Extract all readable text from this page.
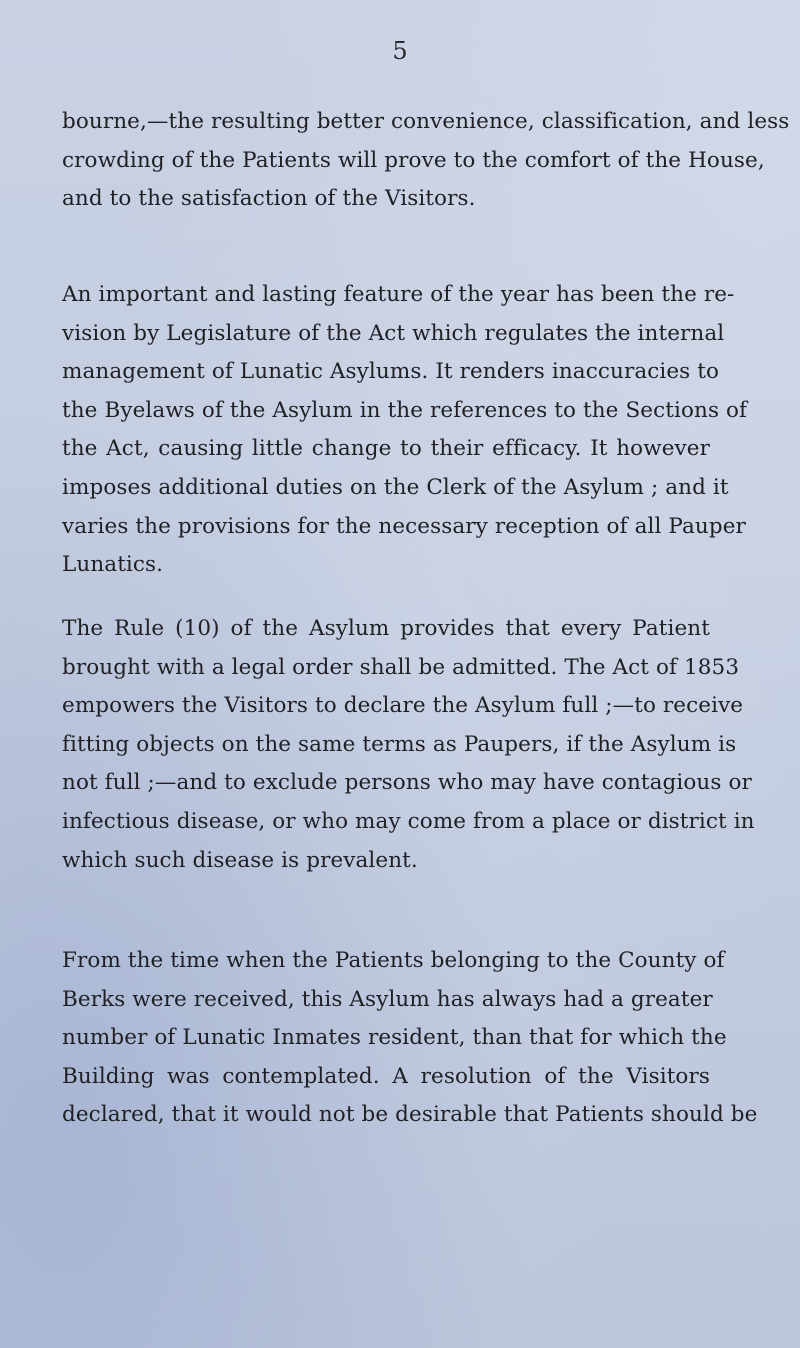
5
bourne,—the resulting better convenience, classification, and less
crowding of the Patients will prove to the comfort of the House,
and to the satisfaction of the Visitors.
An important and lasting feature of the year has been the re-
vision by Legislature of the Act which regulates the internal
management of Lunatic Asylums. It renders inaccuracies to
the Byelaws of the Asylum in the references to the Sections of
the Act, causing little change to their efficacy. It however
imposes additional duties on the Clerk of the Asylum ; and it
varies the provisions for the necessary reception of all Pauper
Lunatics.
The Rule (10) of the Asylum provides that every Patient
brought with a legal order shall be admitted. The Act of 1853
empowers the Visitors to declare the Asylum full ;—to receive
fitting objects on the same terms as Paupers, if the Asylum is
not full ;—and to exclude persons who may have contagious or
infectious disease, or who may come from a place or district in
which such disease is prevalent.
From the time when the Patients belonging to the County of
Berks were received, this Asylum has always had a greater
number of Lunatic Inmates resident, than that for which the
Building was contemplated. A resolution of the Visitors
declared, that it would not be desirable that Patients should be
